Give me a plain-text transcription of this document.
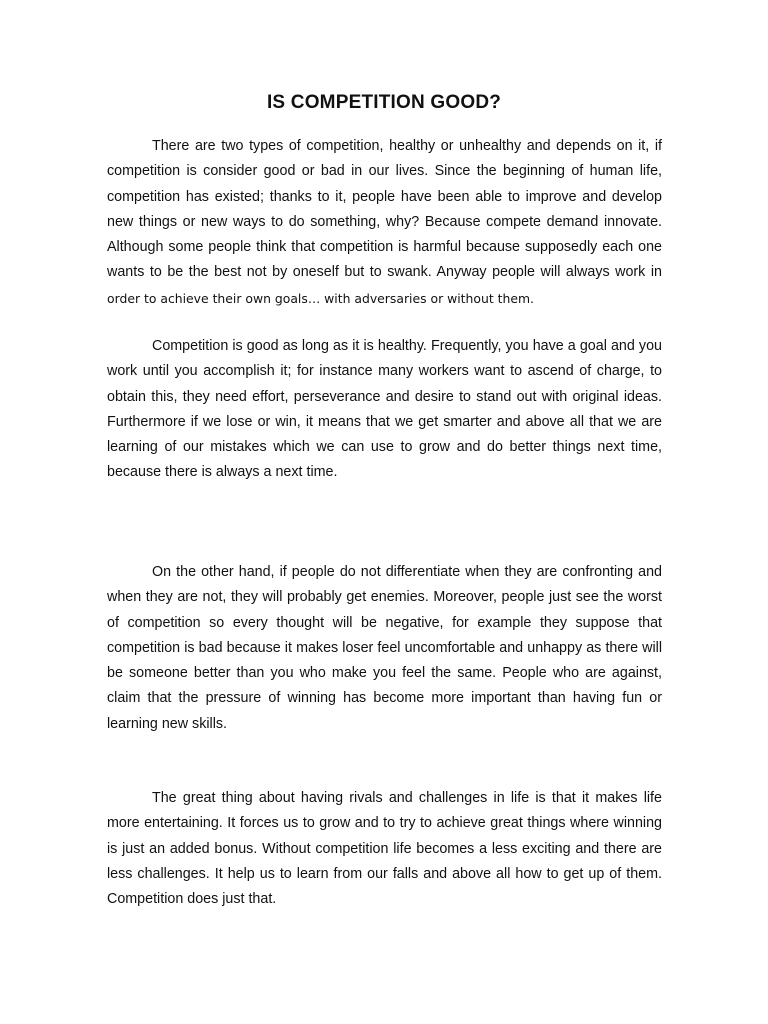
IS COMPETITION GOOD?

There are two types of competition, healthy or unhealthy and depends on it, if competition is consider good or bad in our lives. Since the beginning of human life, competition has existed; thanks to it, people have been able to improve and develop new things or new ways to do something, why? Because compete demand innovate. Although some people think that competition is harmful because supposedly each one wants to be the best not by oneself but to swank. Anyway people will always work in order to achieve their own goals… with adversaries or without them.

Competition is good as long as it is healthy. Frequently, you have a goal and you work until you accomplish it; for instance many workers want to ascend of charge, to obtain this, they need effort, perseverance and desire to stand out with original ideas. Furthermore if we lose or win, it means that we get smarter and above all that we are learning of our mistakes which we can use to grow and do better things next time, because there is always a next time.

On the other hand, if people do not differentiate when they are confronting and when they are not, they will probably get enemies. Moreover, people just see the worst of competition so every thought will be negative, for example they suppose that competition is bad because it makes loser feel uncomfortable and unhappy as there will be someone better than you who make you feel the same. People who are against, claim that the pressure of winning has become more important than having fun or learning new skills.

The great thing about having rivals and challenges in life is that it makes life more entertaining. It forces us to grow and to try to achieve great things where winning is just an added bonus. Without competition life becomes a less exciting and there are less challenges. It help us to learn from our falls and above all how to get up of them. Competition does just that.
